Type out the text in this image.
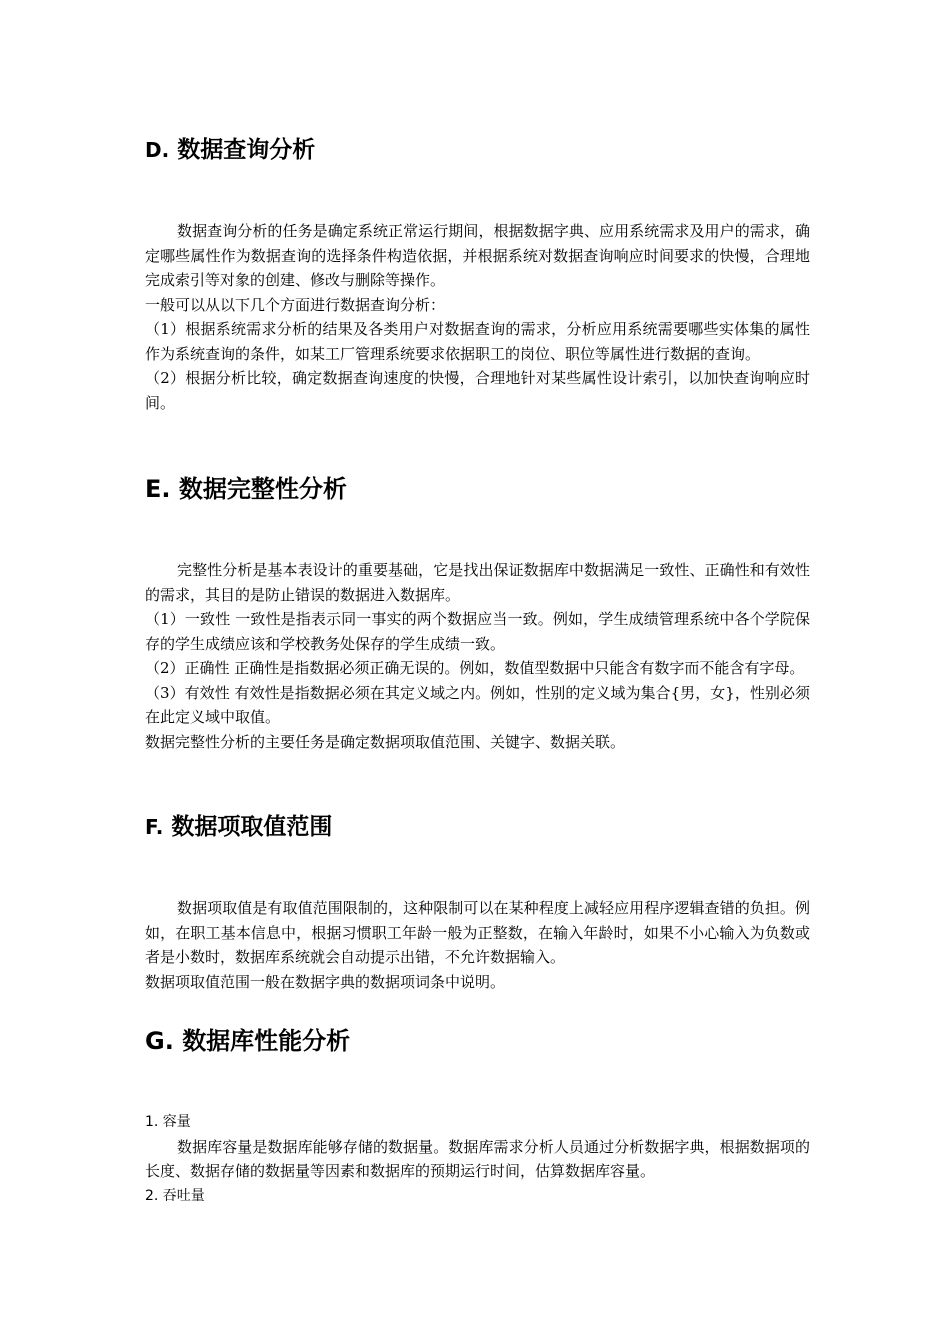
D. 数据查询分析

数据查询分析的任务是确定系统正常运行期间，根据数据字典、应用系统需求及用户的需求，确定哪些属性作为数据查询的选择条件构造依据，并根据系统对数据查询响应时间要求的快慢，合理地完成索引等对象的创建、修改与删除等操作。

一般可以从以下几个方面进行数据查询分析：

（1）根据系统需求分析的结果及各类用户对数据查询的需求，分析应用系统需要哪些实体集的属性作为系统查询的条件，如某工厂管理系统要求依据职工的岗位、职位等属性进行数据的查询。

（2）根据分析比较，确定数据查询速度的快慢，合理地针对某些属性设计索引，以加快查询响应时间。

E. 数据完整性分析

完整性分析是基本表设计的重要基础，它是找出保证数据库中数据满足一致性、正确性和有效性的需求，其目的是防止错误的数据进入数据库。

（1）一致性 一致性是指表示同一事实的两个数据应当一致。例如，学生成绩管理系统中各个学院保存的学生成绩应该和学校教务处保存的学生成绩一致。

（2）正确性 正确性是指数据必须正确无误的。例如，数值型数据中只能含有数字而不能含有字母。

（3）有效性 有效性是指数据必须在其定义域之内。例如，性别的定义域为集合{男，女}，性别必须在此定义域中取值。

数据完整性分析的主要任务是确定数据项取值范围、关键字、数据关联。

F. 数据项取值范围

数据项取值是有取值范围限制的，这种限制可以在某种程度上减轻应用程序逻辑查错的负担。例如，在职工基本信息中，根据习惯职工年龄一般为正整数，在输入年龄时，如果不小心输入为负数或者是小数时，数据库系统就会自动提示出错，不允许数据输入。

数据项取值范围一般在数据字典的数据项词条中说明。

G. 数据库性能分析

1. 容量

数据库容量是数据库能够存储的数据量。数据库需求分析人员通过分析数据字典，根据数据项的长度、数据存储的数据量等因素和数据库的预期运行时间，估算数据库容量。

2. 吞吐量
